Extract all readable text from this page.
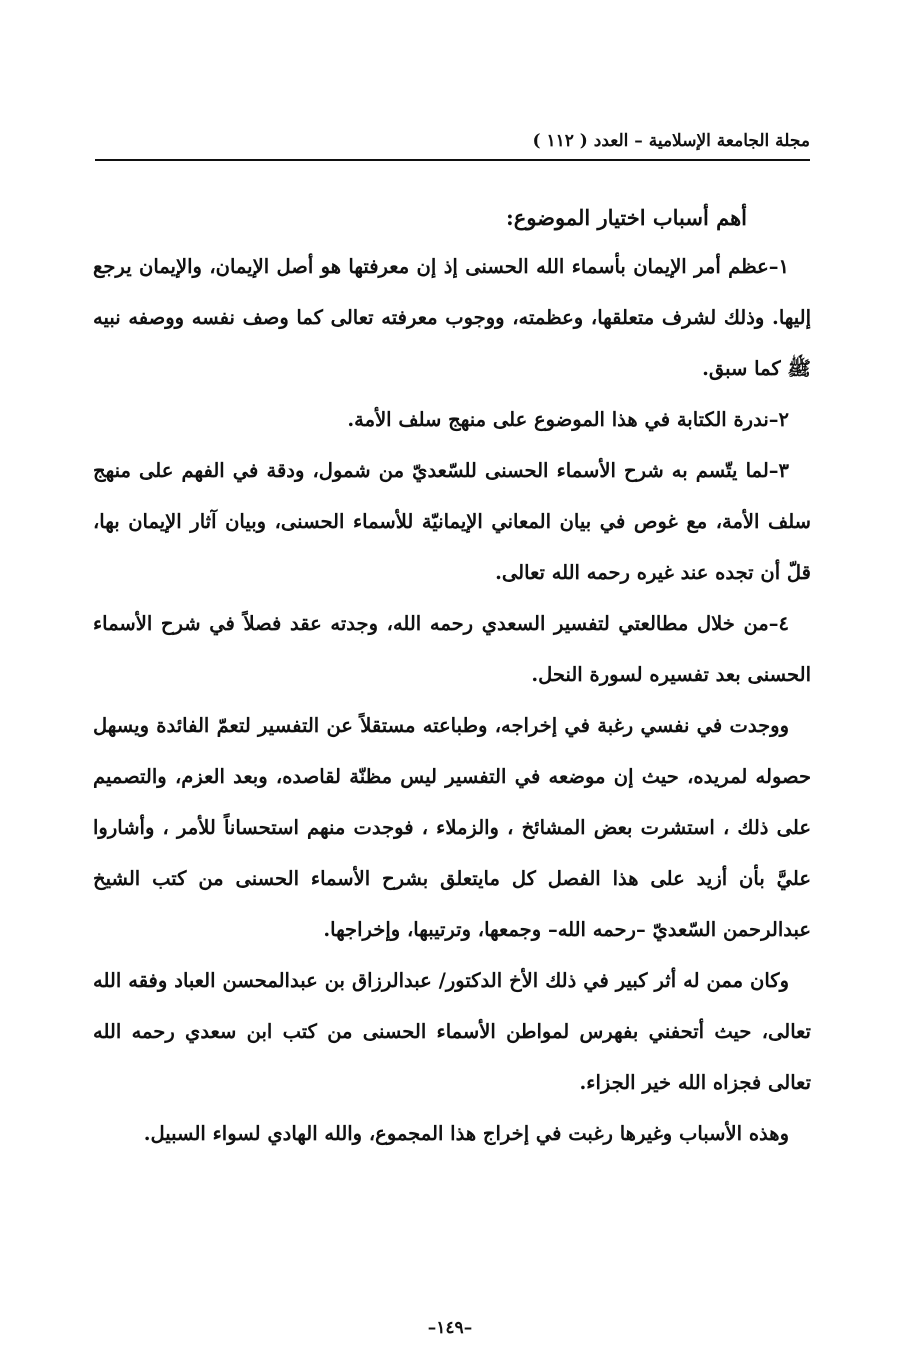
مجلة الجامعة الإسلامية – العدد ( ١١٢ )

أهم أسباب اختيار الموضوع:

١–عظم أمر الإيمان بأسماء الله الحسنى إذ إن معرفتها هو أصل الإيمان، والإيمان يرجع إليها. وذلك لشرف متعلقها، وعظمته، ووجوب معرفته تعالى كما وصف نفسه ووصفه نبيه ﷺ كما سبق.

٢–ندرة الكتابة في هذا الموضوع على منهج سلف الأمة.

٣–لما يتّسم به شرح الأسماء الحسنى للسّعديّ من شمول، ودقة في الفهم على منهج سلف الأمة، مع غوص في بيان المعاني الإيمانيّة للأسماء الحسنى، وبيان آثار الإيمان بها، قلّ أن تجده عند غيره رحمه الله تعالى.

٤–من خلال مطالعتي لتفسير السعدي رحمه الله، وجدته عقد فصلاً في شرح الأسماء الحسنى بعد تفسيره لسورة النحل.

ووجدت في نفسي رغبة في إخراجه، وطباعته مستقلاً عن التفسير لتعمّ الفائدة ويسهل حصوله لمريده، حيث إن موضعه في التفسير ليس مظنّة لقاصده، وبعد العزم، والتصميم على ذلك ، استشرت بعض المشائخ ، والزملاء ، فوجدت منهم استحساناً للأمر ، وأشاروا عليَّ بأن أزيد على هذا الفصل كل مايتعلق بشرح الأسماء الحسنى من كتب الشيخ عبدالرحمن السّعديّ –رحمه الله– وجمعها، وترتيبها، وإخراجها.

وكان ممن له أثر كبير في ذلك الأخ الدكتور/ عبدالرزاق بن عبدالمحسن العباد وفقه الله تعالى، حيث أتحفني بفهرس لمواطن الأسماء الحسنى من كتب ابن سعدي رحمه الله تعالى فجزاه الله خير الجزاء.

وهذه الأسباب وغيرها رغبت في إخراج هذا المجموع، والله الهادي لسواء السبيل.

–١٤٩–
